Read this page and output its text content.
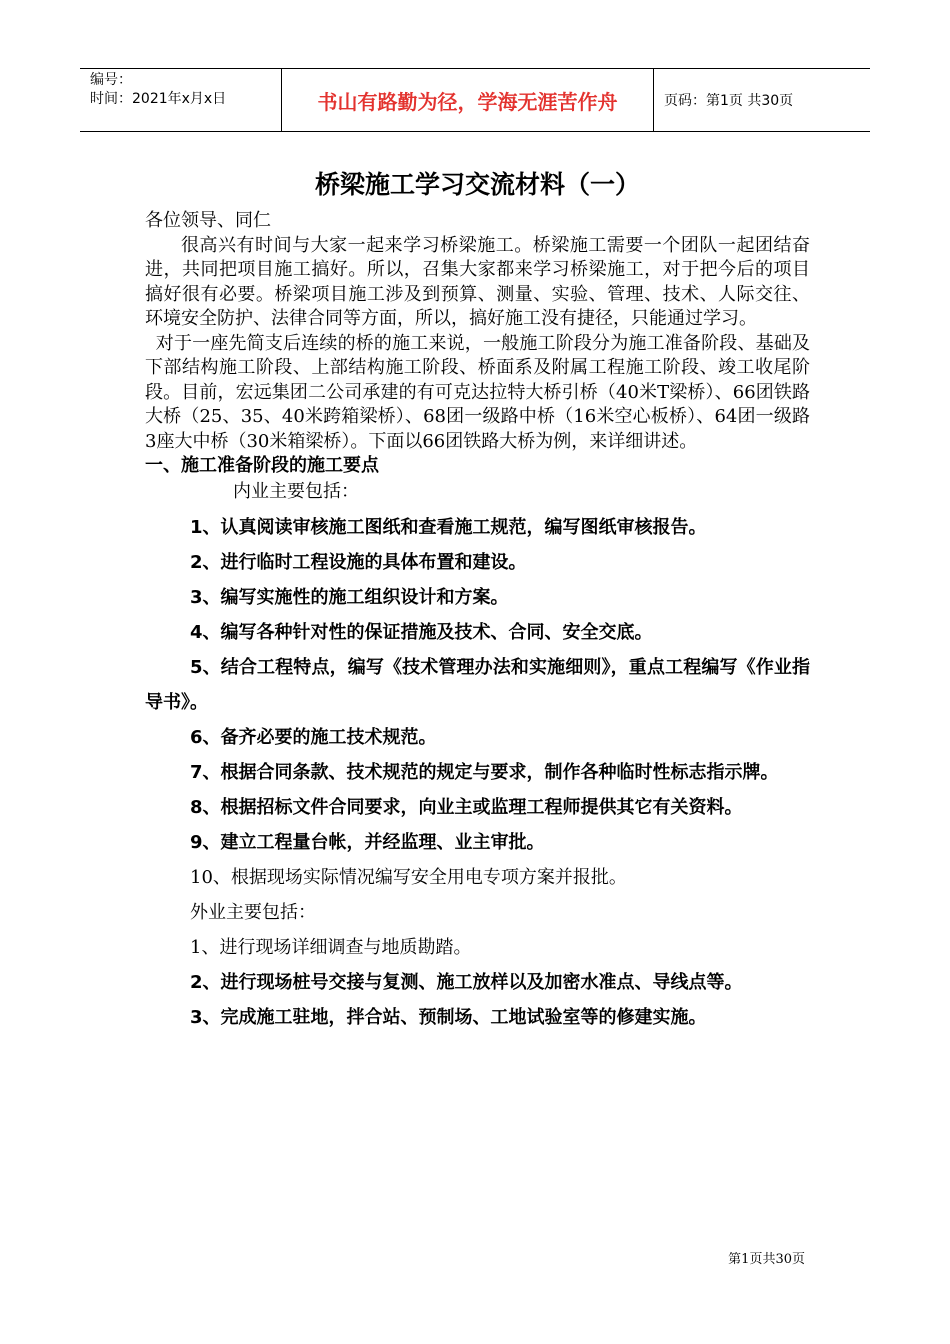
编号：
时间：2021年x月x日	书山有路勤为径，学海无涯苦作舟	页码：第1页 共30页
桥梁施工学习交流材料（一）

各位领导、同仁

很高兴有时间与大家一起来学习桥梁施工。桥梁施工需要一个团队一起团结奋进，共同把项目施工搞好。所以，召集大家都来学习桥梁施工，对于把今后的项目搞好很有必要。桥梁项目施工涉及到预算、测量、实验、管理、技术、人际交往、环境安全防护、法律合同等方面，所以，搞好施工没有捷径，只能通过学习。

对于一座先简支后连续的桥的施工来说，一般施工阶段分为施工准备阶段、基础及下部结构施工阶段、上部结构施工阶段、桥面系及附属工程施工阶段、竣工收尾阶段。目前，宏远集团二公司承建的有可克达拉特大桥引桥（40米T梁桥）、66团铁路大桥（25、35、40米跨箱梁桥）、68团一级路中桥（16米空心板桥）、64团一级路3座大中桥（30米箱梁桥）。下面以66团铁路大桥为例，来详细讲述。

一、施工准备阶段的施工要点

内业主要包括：

1、认真阅读审核施工图纸和查看施工规范，编写图纸审核报告。

2、进行临时工程设施的具体布置和建设。

3、编写实施性的施工组织设计和方案。

4、编写各种针对性的保证措施及技术、合同、安全交底。

5、结合工程特点，编写《技术管理办法和实施细则》，重点工程编写《作业指导书》。

6、备齐必要的施工技术规范。

7、根据合同条款、技术规范的规定与要求，制作各种临时性标志指示牌。

8、根据招标文件合同要求，向业主或监理工程师提供其它有关资料。

9、建立工程量台帐，并经监理、业主审批。

10、根据现场实际情况编写安全用电专项方案并报批。

外业主要包括：

1、进行现场详细调查与地质勘踏。

2、进行现场桩号交接与复测、施工放样以及加密水准点、导线点等。

3、完成施工驻地，拌合站、预制场、工地试验室等的修建实施。

第1页共30页
